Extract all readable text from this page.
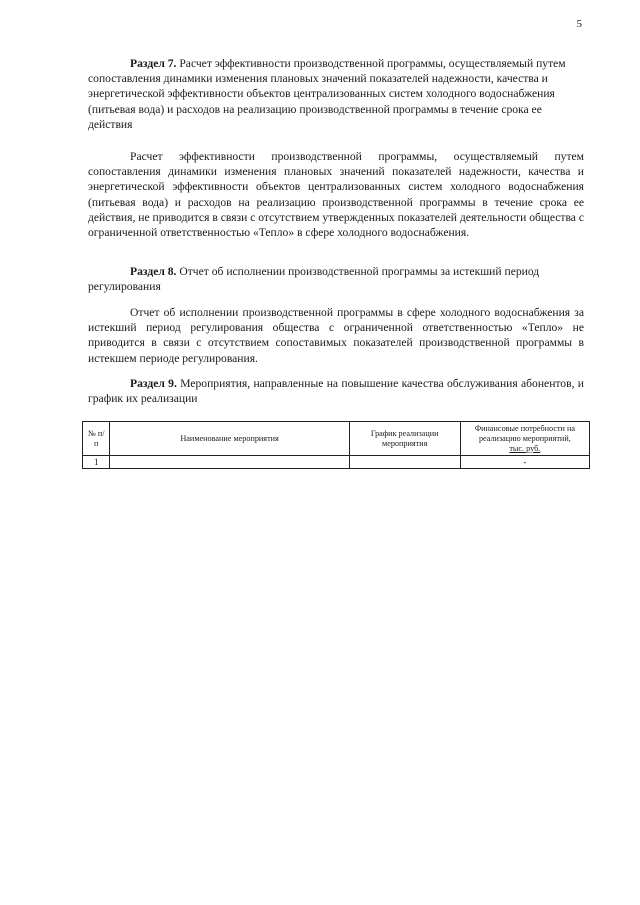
5
Раздел 7. Расчет эффективности производственной программы, осуществляемый путем сопоставления динамики изменения плановых значений показателей надежности, качества и энергетической эффективности объектов централизованных систем холодного водоснабжения (питьевая вода) и расходов на реализацию производственной программы в течение срока ее действия
Расчет эффективности производственной программы, осуществляемый путем сопоставления динамики изменения плановых значений показателей надежности, качества и энергетической эффективности объектов централизованных систем холодного водоснабжения (питьевая вода) и расходов на реализацию производственной программы в течение срока ее действия, не приводится в связи с отсутствием утвержденных показателей деятельности общества с ограниченной ответственностью «Тепло» в сфере холодного водоснабжения.
Раздел 8. Отчет об исполнении производственной программы за истекший период регулирования
Отчет об исполнении производственной программы в сфере холодного водоснабжения за истекший период регулирования общества с ограниченной ответственностью «Тепло» не приводится в связи с отсутствием сопоставимых показателей производственной программы в истекшем периоде регулирования.
Раздел 9. Мероприятия, направленные на повышение качества обслуживания абонентов, и график их реализации
№ п/п	Наименование мероприятия	График реализации мероприятия	Финансовые потребности на реализацию мероприятий,
тыс. руб.
1			-
